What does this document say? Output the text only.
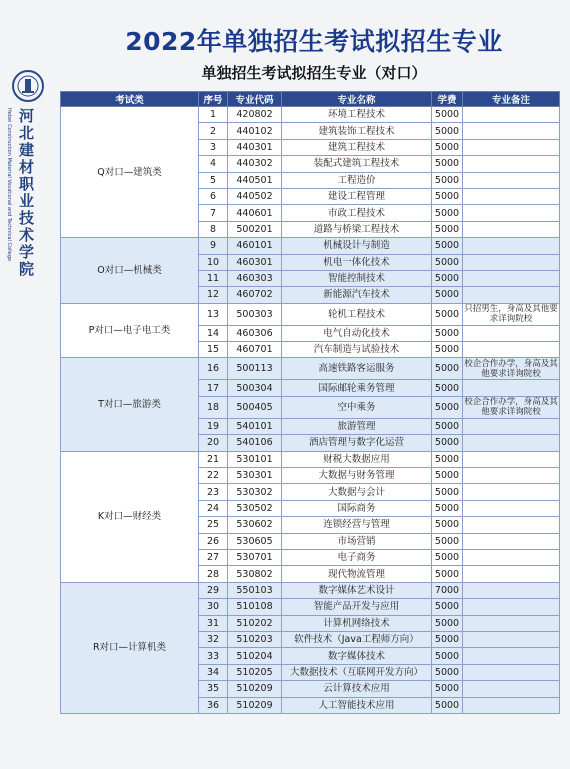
Hebei Construction Material Vocational and Technical College 河北建材职业技术学院
2022年单独招生考试拟招生专业
单独招生考试拟招生专业（对口）
考试类	序号	专业代码	专业名称	学费	专业备注
Q对口—建筑类	1	420802	环境工程技术	5000	
	2	440102	建筑装饰工程技术	5000	
	3	440301	建筑工程技术	5000	
	4	440302	装配式建筑工程技术	5000	
	5	440501	工程造价	5000	
	6	440502	建设工程管理	5000	
	7	440601	市政工程技术	5000	
	8	500201	道路与桥梁工程技术	5000	
O对口—机械类	9	460101	机械设计与制造	5000	
	10	460301	机电一体化技术	5000	
	11	460303	智能控制技术	5000	
	12	460702	新能源汽车技术	5000	
P对口—电子电工类	13	500303	轮机工程技术	5000	只招男生，身高及其他要求详询院校
	14	460306	电气自动化技术	5000	
	15	460701	汽车制造与试验技术	5000	
T对口—旅游类	16	500113	高速铁路客运服务	5000	校企合作办学，身高及其他要求详询院校
	17	500304	国际邮轮乘务管理	5000	
	18	500405	空中乘务	5000	校企合作办学，身高及其他要求详询院校
	19	540101	旅游管理	5000	
	20	540106	酒店管理与数字化运营	5000	
K对口—财经类	21	530101	财税大数据应用	5000	
	22	530301	大数据与财务管理	5000	
	23	530302	大数据与会计	5000	
	24	530502	国际商务	5000	
	25	530602	连锁经营与管理	5000	
	26	530605	市场营销	5000	
	27	530701	电子商务	5000	
	28	530802	现代物流管理	5000	
R对口—计算机类	29	550103	数字媒体艺术设计	7000	
	30	510108	智能产品开发与应用	5000	
	31	510202	计算机网络技术	5000	
	32	510203	软件技术（Java工程师方向）	5000	
	33	510204	数字媒体技术	5000	
	34	510205	大数据技术（互联网开发方向）	5000	
	35	510209	云计算技术应用	5000	
	36	510209	人工智能技术应用	5000	
